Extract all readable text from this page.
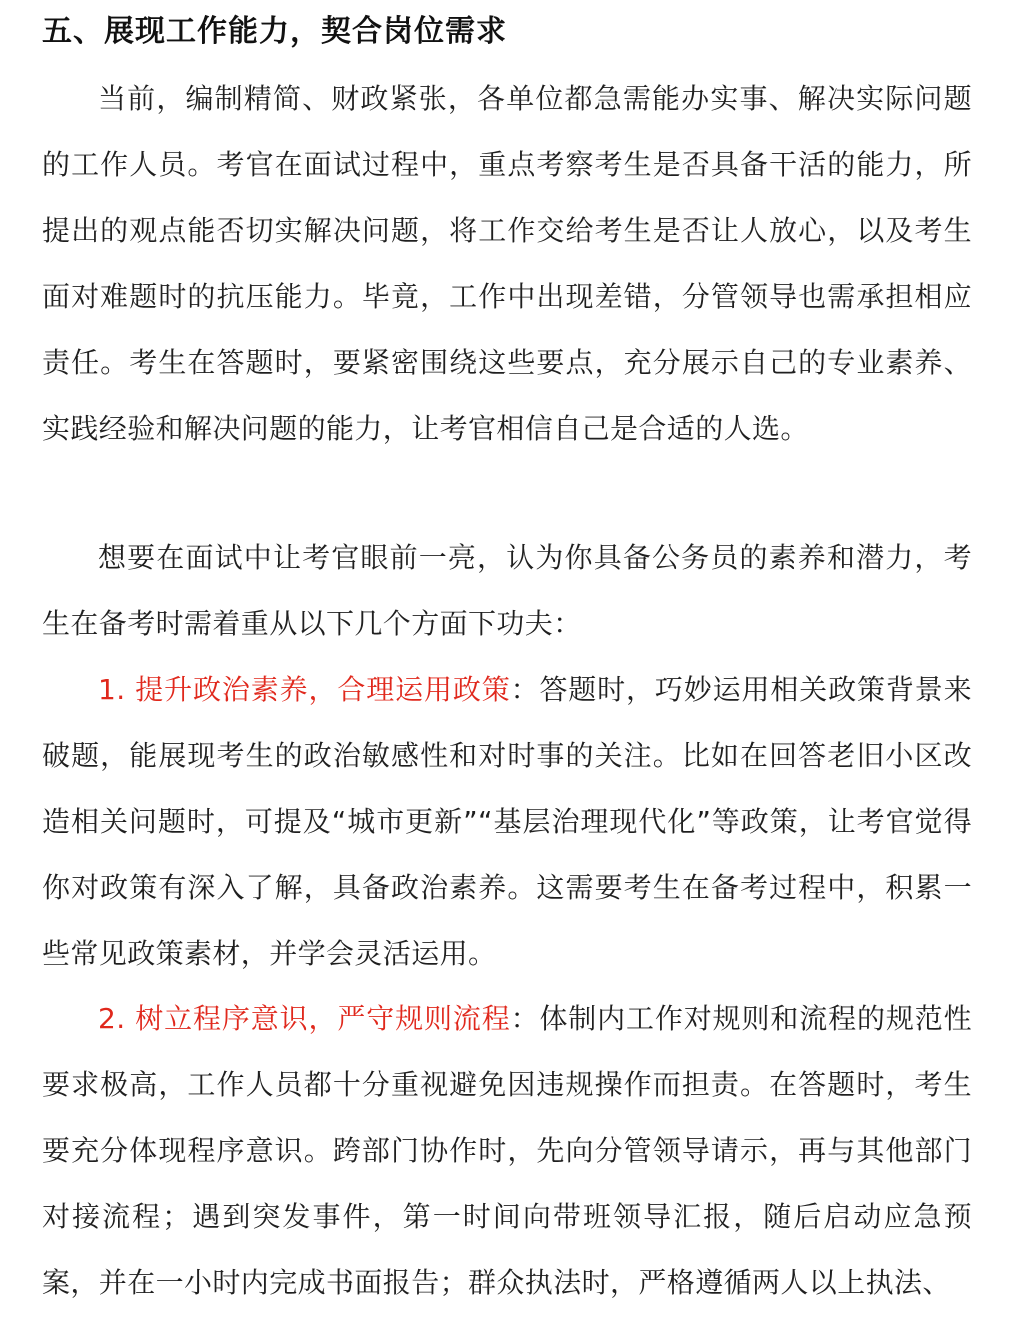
五、展现工作能力，契合岗位需求

当前，编制精简、财政紧张，各单位都急需能办实事、解决实际问题的工作人员。考官在面试过程中，重点考察考生是否具备干活的能力，所提出的观点能否切实解决问题，将工作交给考生是否让人放心，以及考生面对难题时的抗压能力。毕竟，工作中出现差错，分管领导也需承担相应责任。考生在答题时，要紧密围绕这些要点，充分展示自己的专业素养、实践经验和解决问题的能力，让考官相信自己是合适的人选。

想要在面试中让考官眼前一亮，认为你具备公务员的素养和潜力，考生在备考时需着重从以下几个方面下功夫：

1. 提升政治素养，合理运用政策：答题时，巧妙运用相关政策背景来破题，能展现考生的政治敏感性和对时事的关注。比如在回答老旧小区改造相关问题时，可提及“城市更新”“基层治理现代化”等政策，让考官觉得你对政策有深入了解，具备政治素养。这需要考生在备考过程中，积累一些常见政策素材，并学会灵活运用。

2. 树立程序意识，严守规则流程：体制内工作对规则和流程的规范性要求极高，工作人员都十分重视避免因违规操作而担责。在答题时，考生要充分体现程序意识。跨部门协作时，先向分管领导请示，再与其他部门对接流程；遇到突发事件，第一时间向带班领导汇报，随后启动应急预案，并在一小时内完成书面报告；群众执法时，严格遵循两人以上执法、
